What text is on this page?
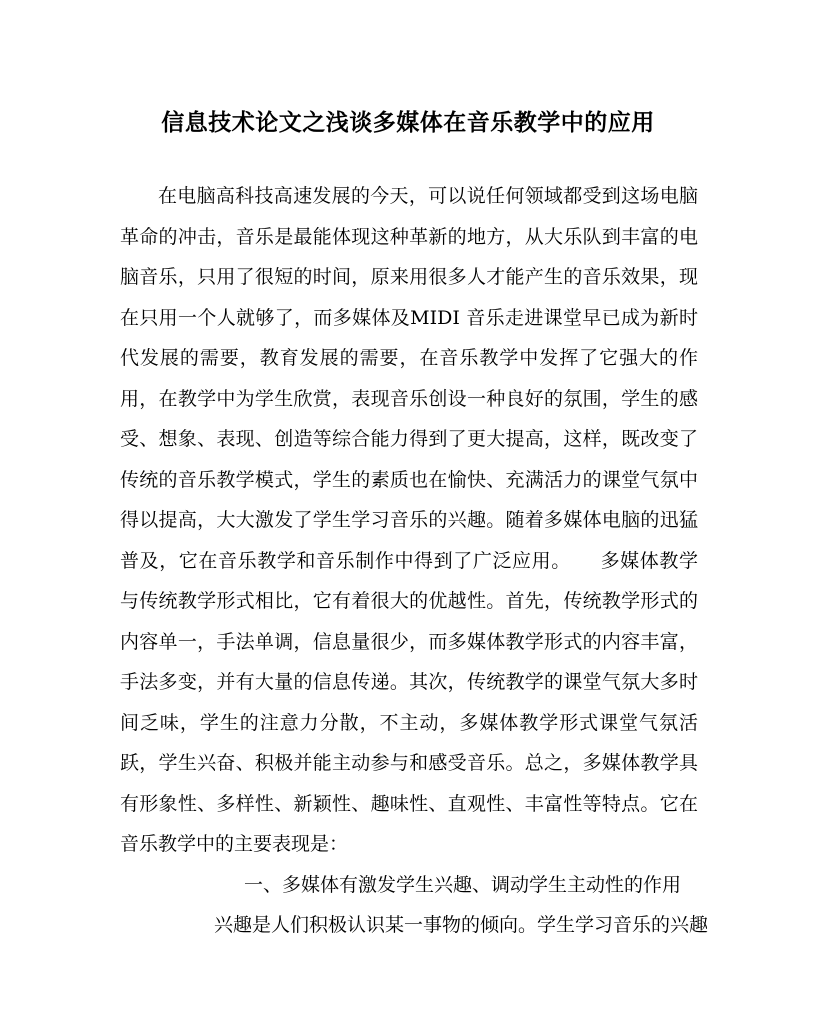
信息技术论文之浅谈多媒体在音乐教学中的应用

在电脑高科技高速发展的今天，可以说任何领域都受到这场电脑革命的冲击，音乐是最能体现这种革新的地方，从大乐队到丰富的电脑音乐，只用了很短的时间，原来用很多人才能产生的音乐效果，现在只用一个人就够了，而多媒体及MIDI 音乐走进课堂早已成为新时代发展的需要，教育发展的需要，在音乐教学中发挥了它强大的作用，在教学中为学生欣赏，表现音乐创设一种良好的氛围，学生的感受、想象、表现、创造等综合能力得到了更大提高，这样，既改变了传统的音乐教学模式，学生的素质也在愉快、充满活力的课堂气氛中得以提高，大大激发了学生学习音乐的兴趣。随着多媒体电脑的迅猛普及，它在音乐教学和音乐制作中得到了广泛应用。　　多媒体教学与传统教学形式相比，它有着很大的优越性。首先，传统教学形式的内容单一，手法单调，信息量很少，而多媒体教学形式的内容丰富，手法多变，并有大量的信息传递。其次，传统教学的课堂气氛大多时间乏味，学生的注意力分散，不主动，多媒体教学形式课堂气氛活跃，学生兴奋、积极并能主动参与和感受音乐。总之，多媒体教学具有形象性、多样性、新颖性、趣味性、直观性、丰富性等特点。它在音乐教学中的主要表现是：

一、多媒体有激发学生兴趣、调动学生主动性的作用

兴趣是人们积极认识某一事物的倾向。学生学习音乐的兴趣
